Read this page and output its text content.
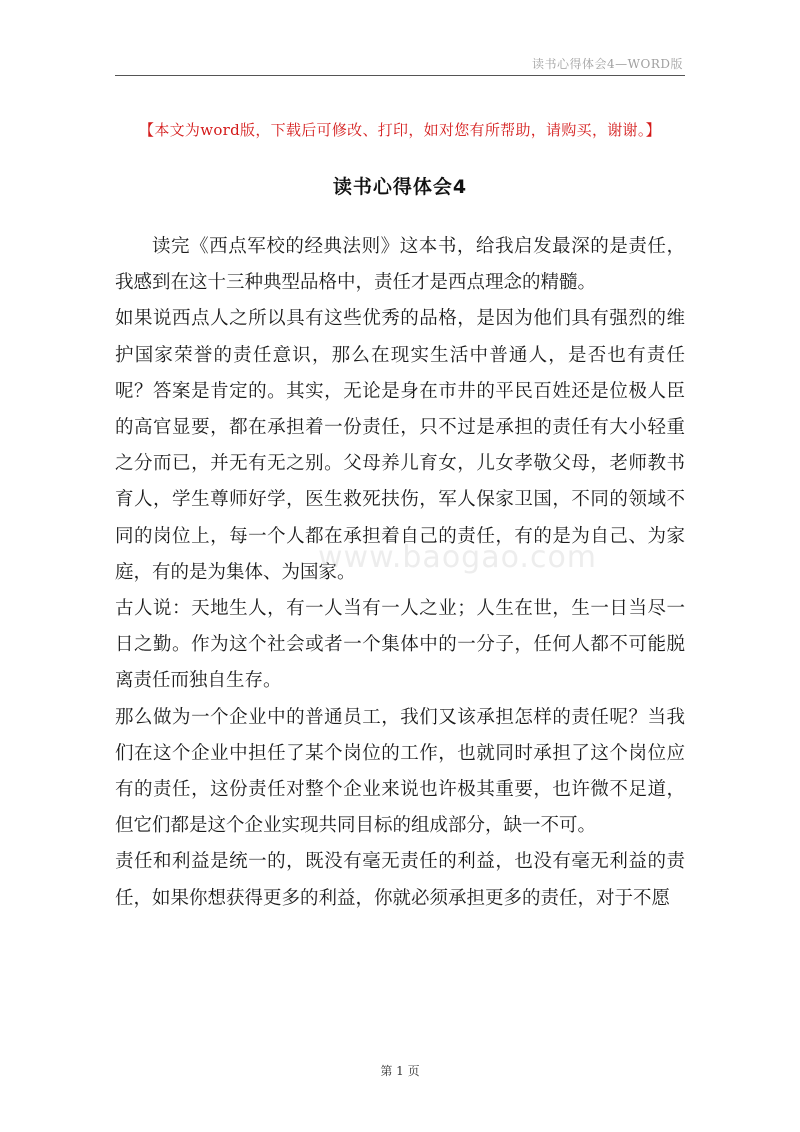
读书心得体会4—WORD版
【本文为word版，下载后可修改、打印，如对您有所帮助，请购买，谢谢。】
读书心得体会4

读完《西点军校的经典法则》这本书，给我启发最深的是责任，我感到在这十三种典型品格中，责任才是西点理念的精髓。

如果说西点人之所以具有这些优秀的品格，是因为他们具有强烈的维护国家荣誉的责任意识，那么在现实生活中普通人，是否也有责任呢？答案是肯定的。其实，无论是身在市井的平民百姓还是位极人臣的高官显要，都在承担着一份责任，只不过是承担的责任有大小轻重之分而已，并无有无之别。父母养儿育女，儿女孝敬父母，老师教书育人，学生尊师好学，医生救死扶伤，军人保家卫国，不同的领域不同的岗位上，每一个人都在承担着自己的责任，有的是为自己、为家庭，有的是为集体、为国家。

古人说：天地生人，有一人当有一人之业；人生在世，生一日当尽一日之勤。作为这个社会或者一个集体中的一分子，任何人都不可能脱离责任而独自生存。

那么做为一个企业中的普通员工，我们又该承担怎样的责任呢？当我们在这个企业中担任了某个岗位的工作，也就同时承担了这个岗位应有的责任，这份责任对整个企业来说也许极其重要，也许微不足道，但它们都是这个企业实现共同目标的组成部分，缺一不可。

责任和利益是统一的，既没有毫无责任的利益，也没有毫无利益的责任，如果你想获得更多的利益，你就必须承担更多的责任，对于不愿

www.baogao.com
第 1 页
